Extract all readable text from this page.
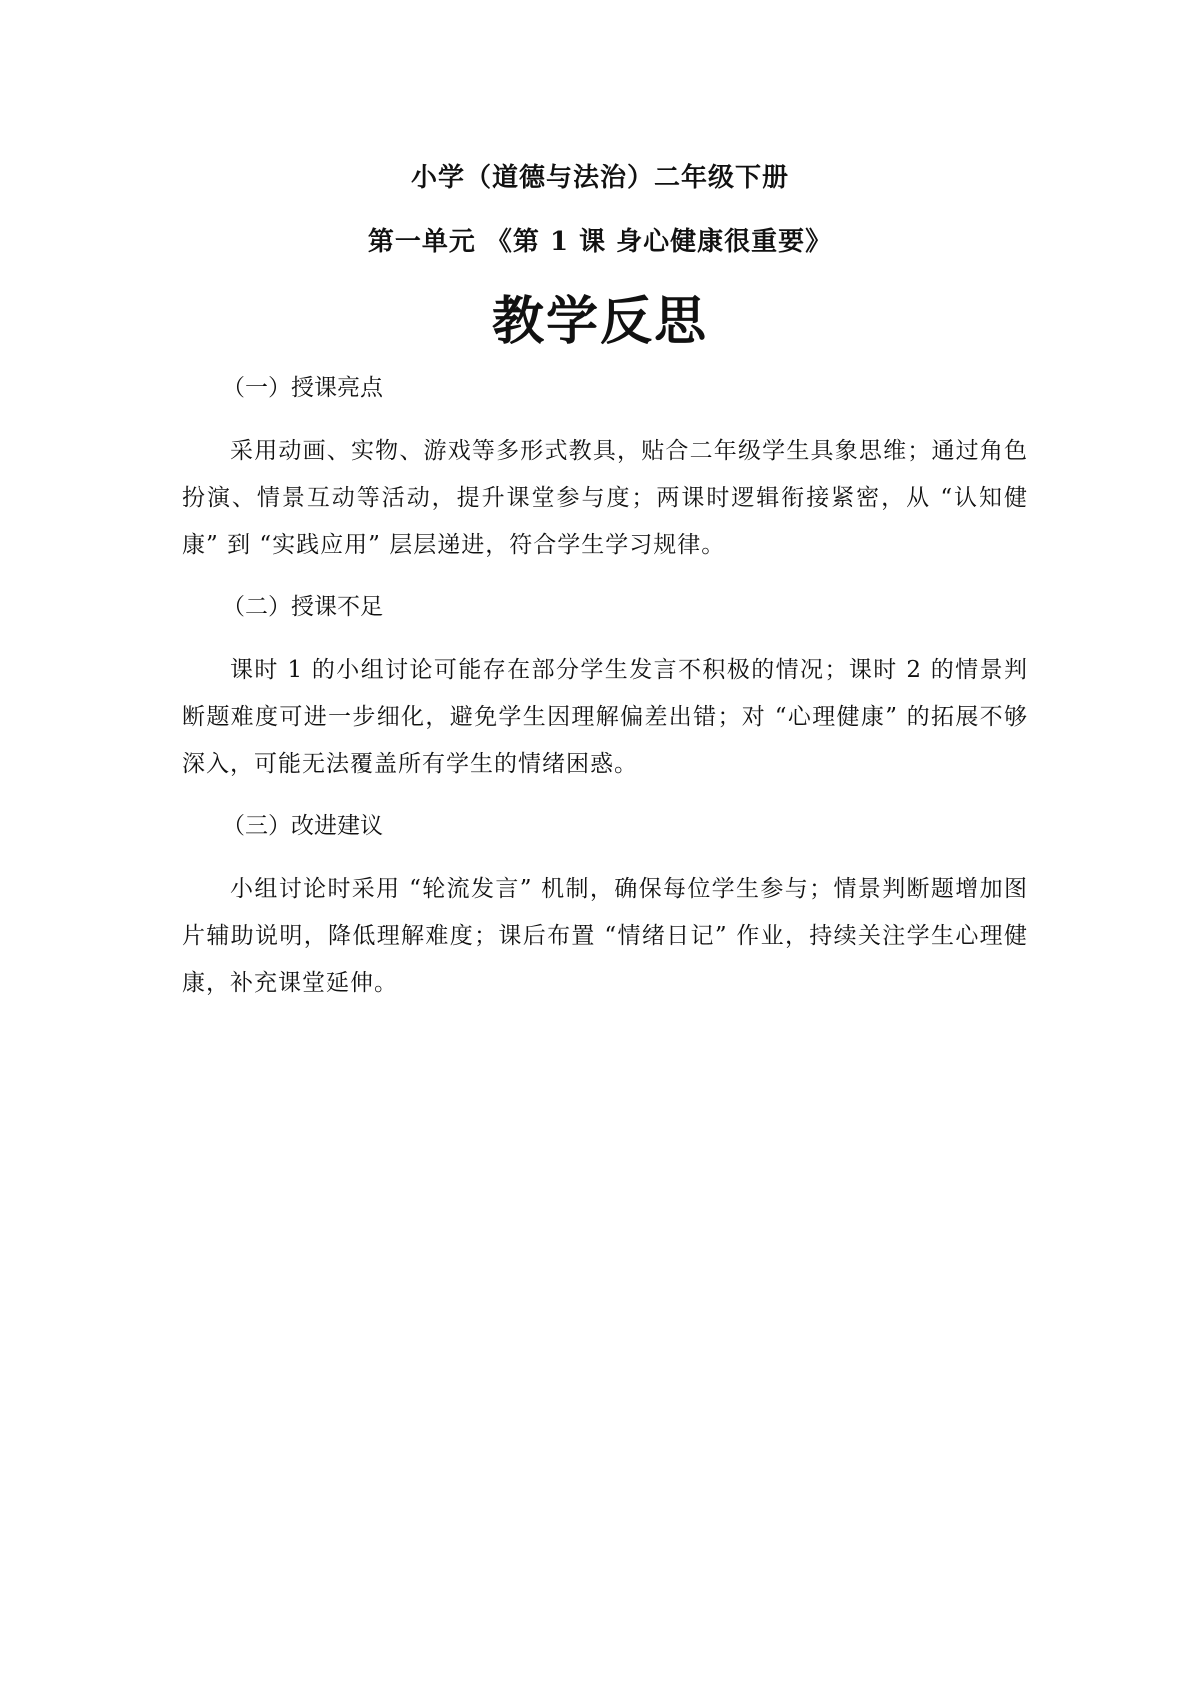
小学（道德与法治）二年级下册
第一单元 《第 1 课 身心健康很重要》
教学反思

（一）授课亮点

采用动画、实物、游戏等多形式教具，贴合二年级学生具象思维；通过角色扮演、情景互动等活动，提升课堂参与度；两课时逻辑衔接紧密，从 “认知健康” 到 “实践应用” 层层递进，符合学生学习规律。

（二）授课不足

课时 1 的小组讨论可能存在部分学生发言不积极的情况；课时 2 的情景判断题难度可进一步细化，避免学生因理解偏差出错；对 “心理健康” 的拓展不够深入，可能无法覆盖所有学生的情绪困惑。

（三）改进建议

小组讨论时采用 “轮流发言” 机制，确保每位学生参与；情景判断题增加图片辅助说明，降低理解难度；课后布置 “情绪日记” 作业，持续关注学生心理健康，补充课堂延伸。
